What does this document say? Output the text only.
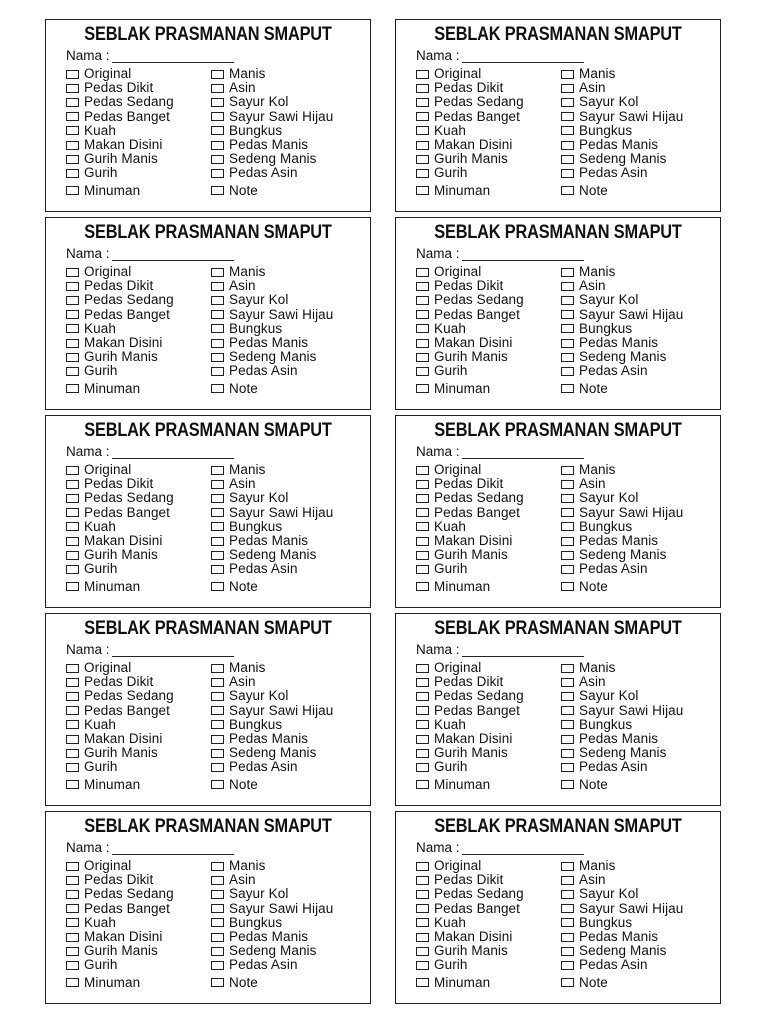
SEBLAK PRASMANAN SMAPUT
Nama :
Original
Pedas Dikit
Pedas Sedang
Pedas Banget
Kuah
Makan Disini
Gurih Manis
Gurih
Minuman
Manis
Asin
Sayur Kol
Sayur Sawi Hijau
Bungkus
Pedas Manis
Sedeng Manis
Pedas Asin
Note
SEBLAK PRASMANAN SMAPUT
Nama :
Original
Pedas Dikit
Pedas Sedang
Pedas Banget
Kuah
Makan Disini
Gurih Manis
Gurih
Minuman
Manis
Asin
Sayur Kol
Sayur Sawi Hijau
Bungkus
Pedas Manis
Sedeng Manis
Pedas Asin
Note
SEBLAK PRASMANAN SMAPUT
Nama :
Original
Pedas Dikit
Pedas Sedang
Pedas Banget
Kuah
Makan Disini
Gurih Manis
Gurih
Minuman
Manis
Asin
Sayur Kol
Sayur Sawi Hijau
Bungkus
Pedas Manis
Sedeng Manis
Pedas Asin
Note
SEBLAK PRASMANAN SMAPUT
Nama :
Original
Pedas Dikit
Pedas Sedang
Pedas Banget
Kuah
Makan Disini
Gurih Manis
Gurih
Minuman
Manis
Asin
Sayur Kol
Sayur Sawi Hijau
Bungkus
Pedas Manis
Sedeng Manis
Pedas Asin
Note
SEBLAK PRASMANAN SMAPUT
Nama :
Original
Pedas Dikit
Pedas Sedang
Pedas Banget
Kuah
Makan Disini
Gurih Manis
Gurih
Minuman
Manis
Asin
Sayur Kol
Sayur Sawi Hijau
Bungkus
Pedas Manis
Sedeng Manis
Pedas Asin
Note
SEBLAK PRASMANAN SMAPUT
Nama :
Original
Pedas Dikit
Pedas Sedang
Pedas Banget
Kuah
Makan Disini
Gurih Manis
Gurih
Minuman
Manis
Asin
Sayur Kol
Sayur Sawi Hijau
Bungkus
Pedas Manis
Sedeng Manis
Pedas Asin
Note
SEBLAK PRASMANAN SMAPUT
Nama :
Original
Pedas Dikit
Pedas Sedang
Pedas Banget
Kuah
Makan Disini
Gurih Manis
Gurih
Minuman
Manis
Asin
Sayur Kol
Sayur Sawi Hijau
Bungkus
Pedas Manis
Sedeng Manis
Pedas Asin
Note
SEBLAK PRASMANAN SMAPUT
Nama :
Original
Pedas Dikit
Pedas Sedang
Pedas Banget
Kuah
Makan Disini
Gurih Manis
Gurih
Minuman
Manis
Asin
Sayur Kol
Sayur Sawi Hijau
Bungkus
Pedas Manis
Sedeng Manis
Pedas Asin
Note
SEBLAK PRASMANAN SMAPUT
Nama :
Original
Pedas Dikit
Pedas Sedang
Pedas Banget
Kuah
Makan Disini
Gurih Manis
Gurih
Minuman
Manis
Asin
Sayur Kol
Sayur Sawi Hijau
Bungkus
Pedas Manis
Sedeng Manis
Pedas Asin
Note
SEBLAK PRASMANAN SMAPUT
Nama :
Original
Pedas Dikit
Pedas Sedang
Pedas Banget
Kuah
Makan Disini
Gurih Manis
Gurih
Minuman
Manis
Asin
Sayur Kol
Sayur Sawi Hijau
Bungkus
Pedas Manis
Sedeng Manis
Pedas Asin
Note
